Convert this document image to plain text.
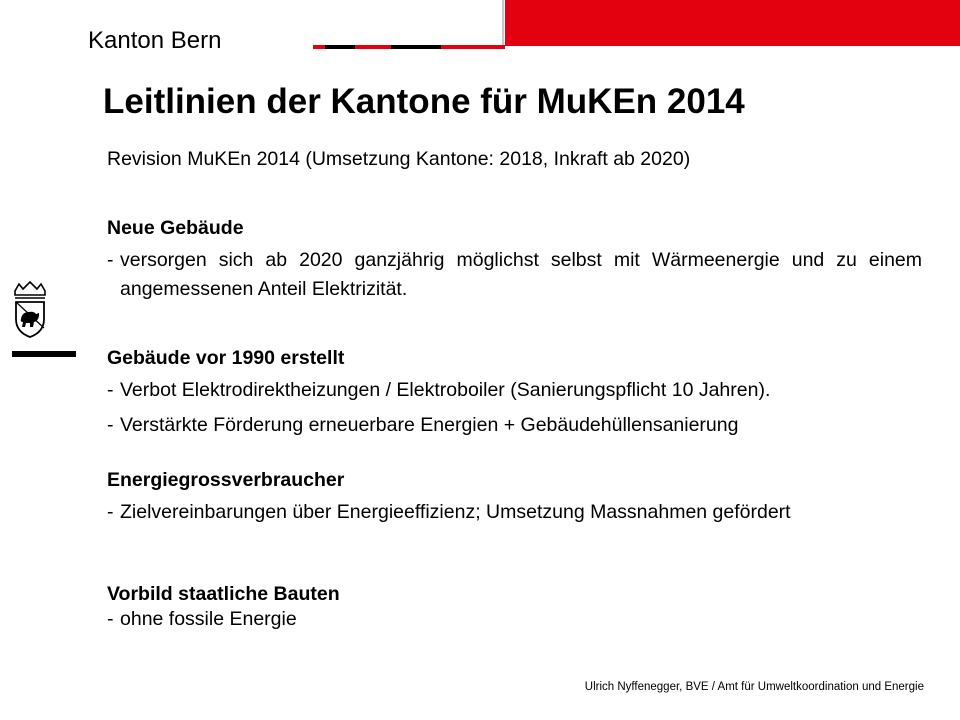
Kanton Bern
Leitlinien der Kantone für MuKEn 2014
Revision MuKEn 2014 (Umsetzung Kantone: 2018, Inkraft ab 2020)
Neue Gebäude
- versorgen sich ab 2020 ganzjährig möglichst selbst mit Wärmeenergie und zu einem angemessenen Anteil Elektrizität.
Gebäude vor 1990 erstellt
- Verbot Elektrodirektheizungen / Elektroboiler (Sanierungspflicht 10 Jahren).
- Verstärkte Förderung erneuerbare Energien + Gebäudehüllensanierung
Energiegrossverbraucher
- Zielvereinbarungen über Energieeffizienz; Umsetzung Massnahmen gefördert
Vorbild staatliche Bauten
- ohne fossile Energie
Ulrich Nyffenegger, BVE / Amt für Umweltkoordination und Energie
